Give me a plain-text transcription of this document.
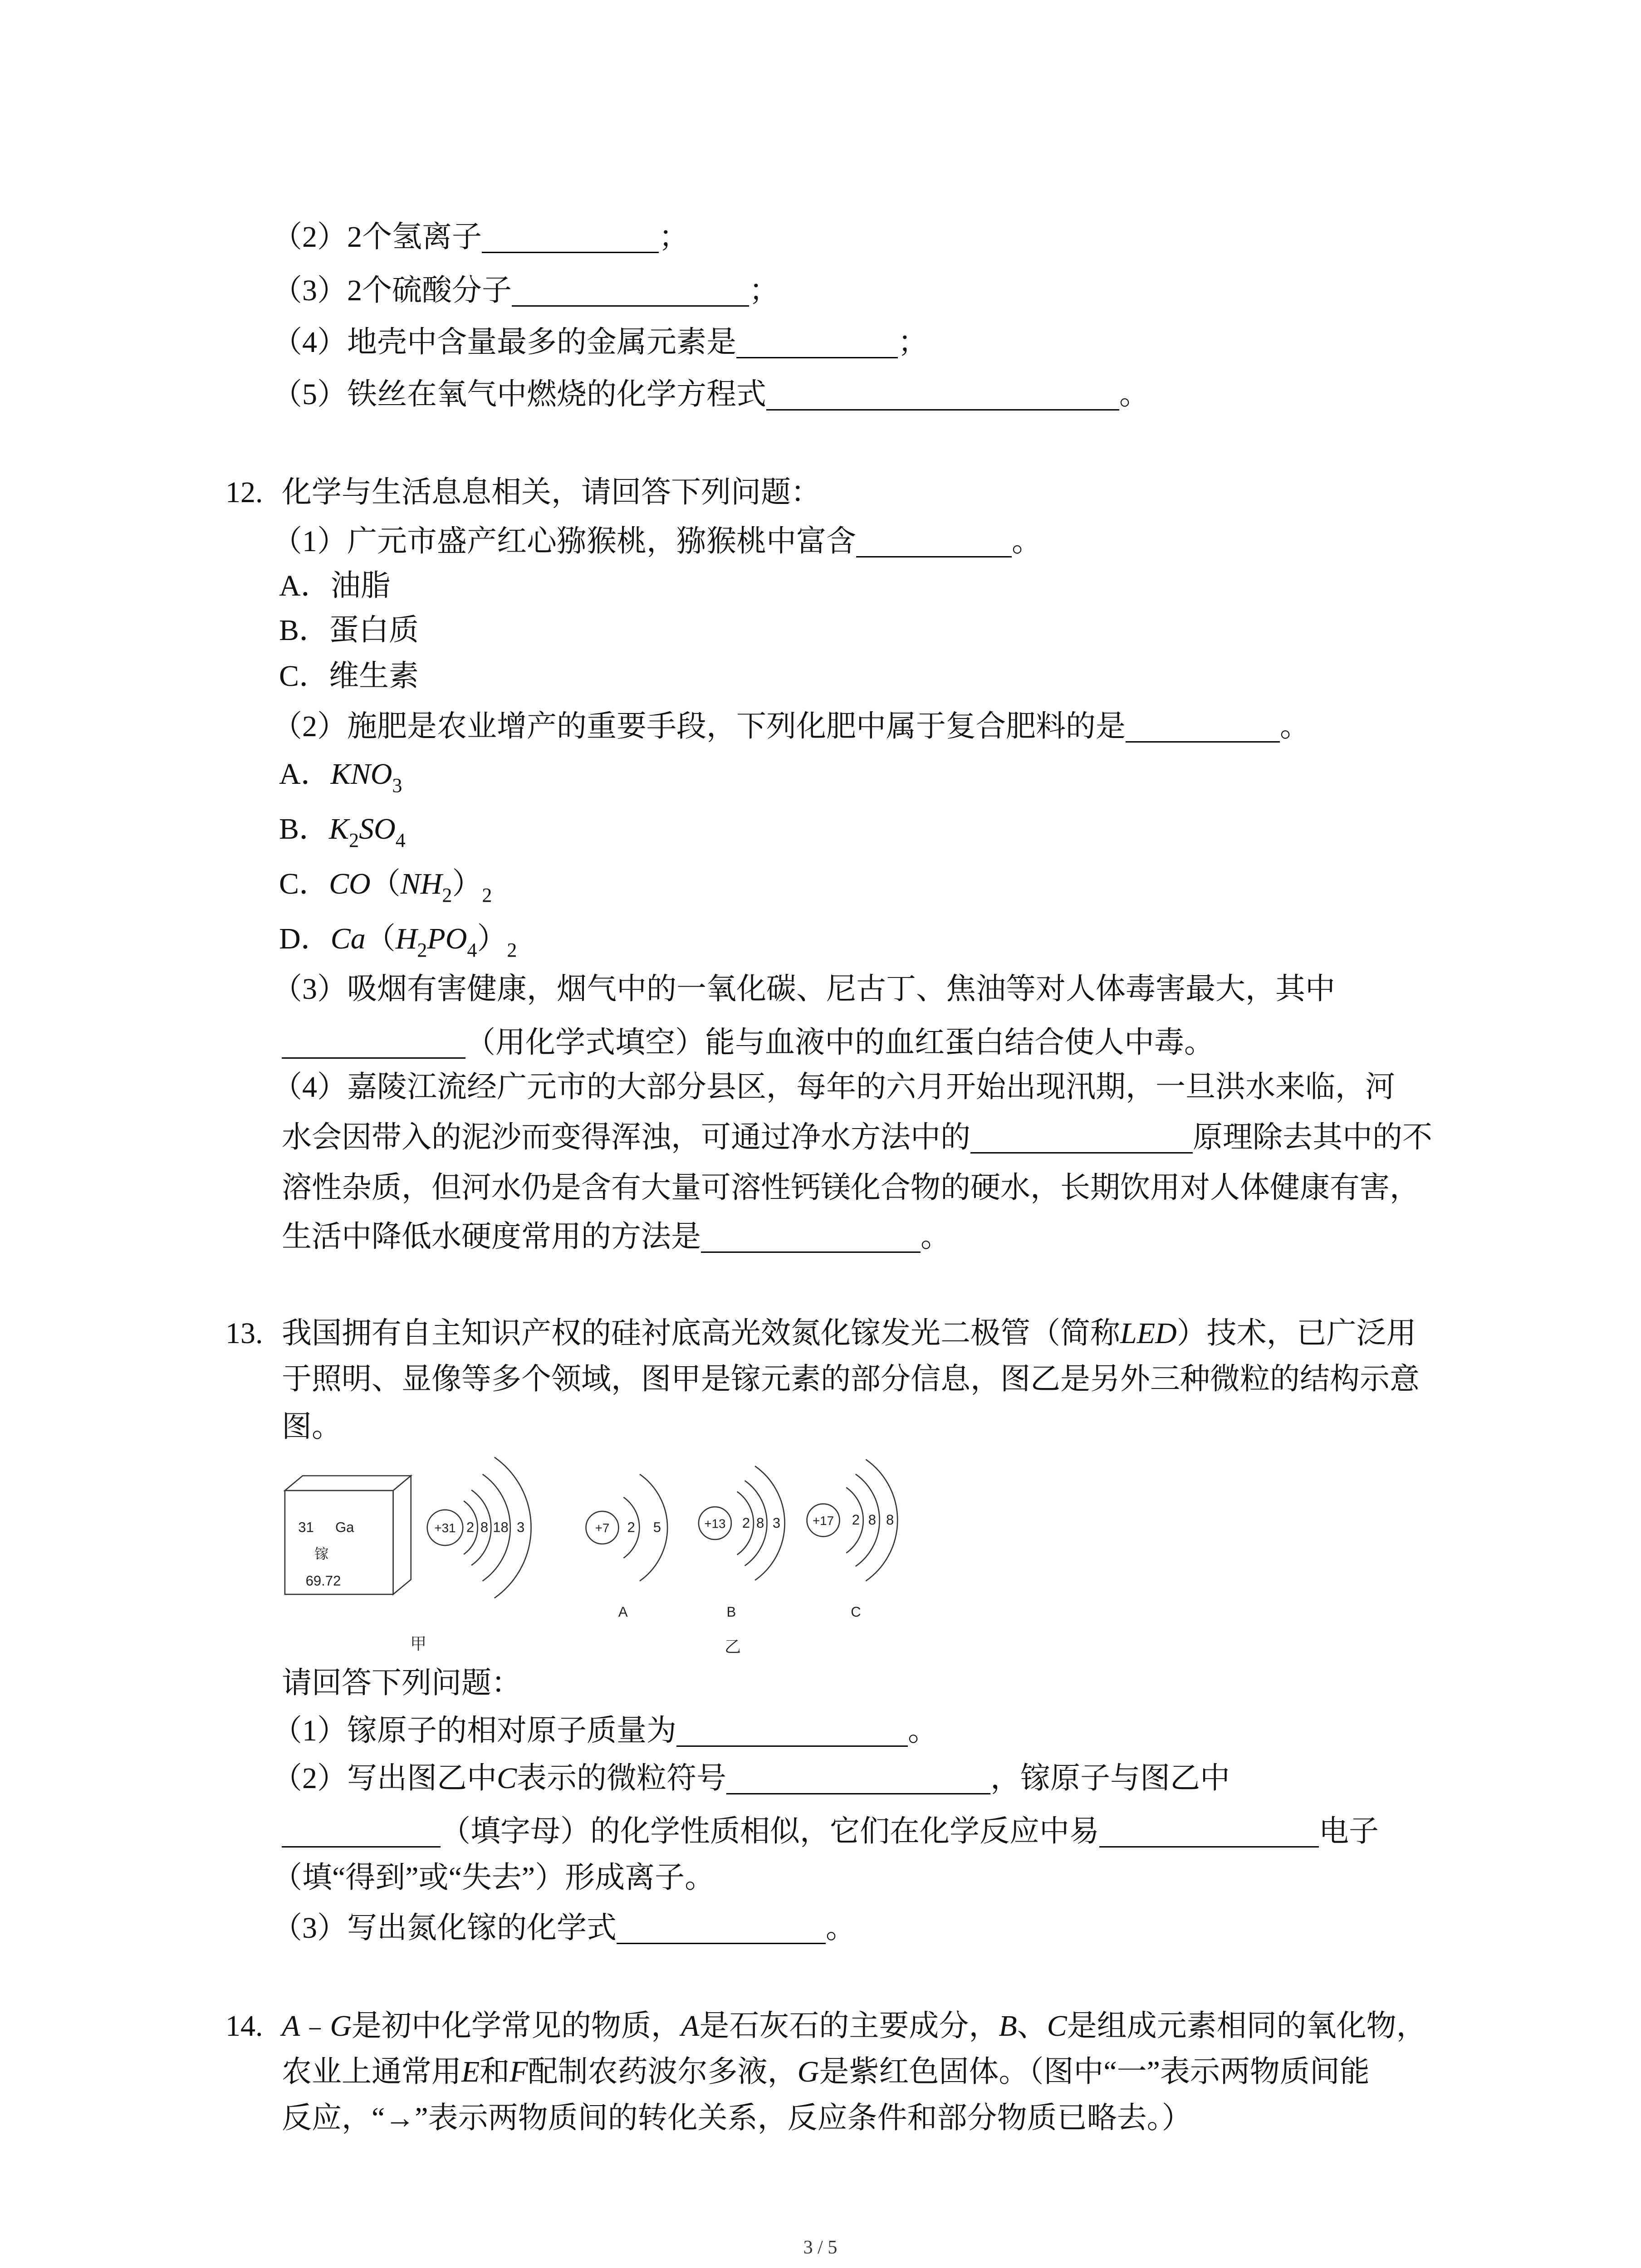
（2）2个氢离子	；
（3）2个硫酸分子	；
（4）地壳中含量最多的金属元素是	；
（5）铁丝在氧气中燃烧的化学方程式	。
12. 化学与生活息息相关，请回答下列问题：
（1）广元市盛产红心猕猴桃，猕猴桃中富含	。
A．油脂
B．蛋白质
C．维生素
（2）施肥是农业增产的重要手段，下列化肥中属于复合肥料的是	。
A．$KNO_3$
B．$K_2SO_4$
C．$CO(NH_2)_2$
D．$Ca(H_2PO_4)_2$
（3）吸烟有害健康，烟气中的一氧化碳、尼古丁、焦油等对人体毒害最大，其中
（用化学式填空）能与血液中的血红蛋白结合使人中毒。
（4）嘉陵江流经广元市的大部分县区，每年的六月开始出现汛期，一旦洪水来临，河
水会因带入的泥沙而变得浑浊，可通过净水方法中的	原理除去其中的不
溶性杂质，但河水仍是含有大量可溶性钙镁化合物的硬水，长期饮用对人体健康有害，
生活中降低水硬度常用的方法是	。
13. 我国拥有自主知识产权的硅衬底高光效氮化镓发光二极管（简称LED）技术，已广泛用
于照明、显像等多个领域，图甲是镓元素的部分信息，图乙是另外三种微粒的结构示意
图。
31	Ga
镓
69.72
+31 2 8 18 3	+7	2	5
A
+13	2 8 3
B
+17	2 8 8
C
甲	乙
请回答下列问题：
（1）镓原子的相对原子质量为	。
（2）写出图乙中C表示的微粒符号	，镓原子与图乙中
（填字母）的化学性质相似，它们在化学反应中易	电子
（填“得到”或“失去”）形成离子。
（3）写出氮化镓的化学式	。
14. A﹣G是初中化学常见的物质，A是石灰石的主要成分，B、C是组成元素相同的氧化物，
农业上通常用E和F配制农药波尔多液，G是紫红色固体。（图中“一”表示两物质间能
反应，“→”表示两物质间的转化关系，反应条件和部分物质已略去。）
3 / 5
